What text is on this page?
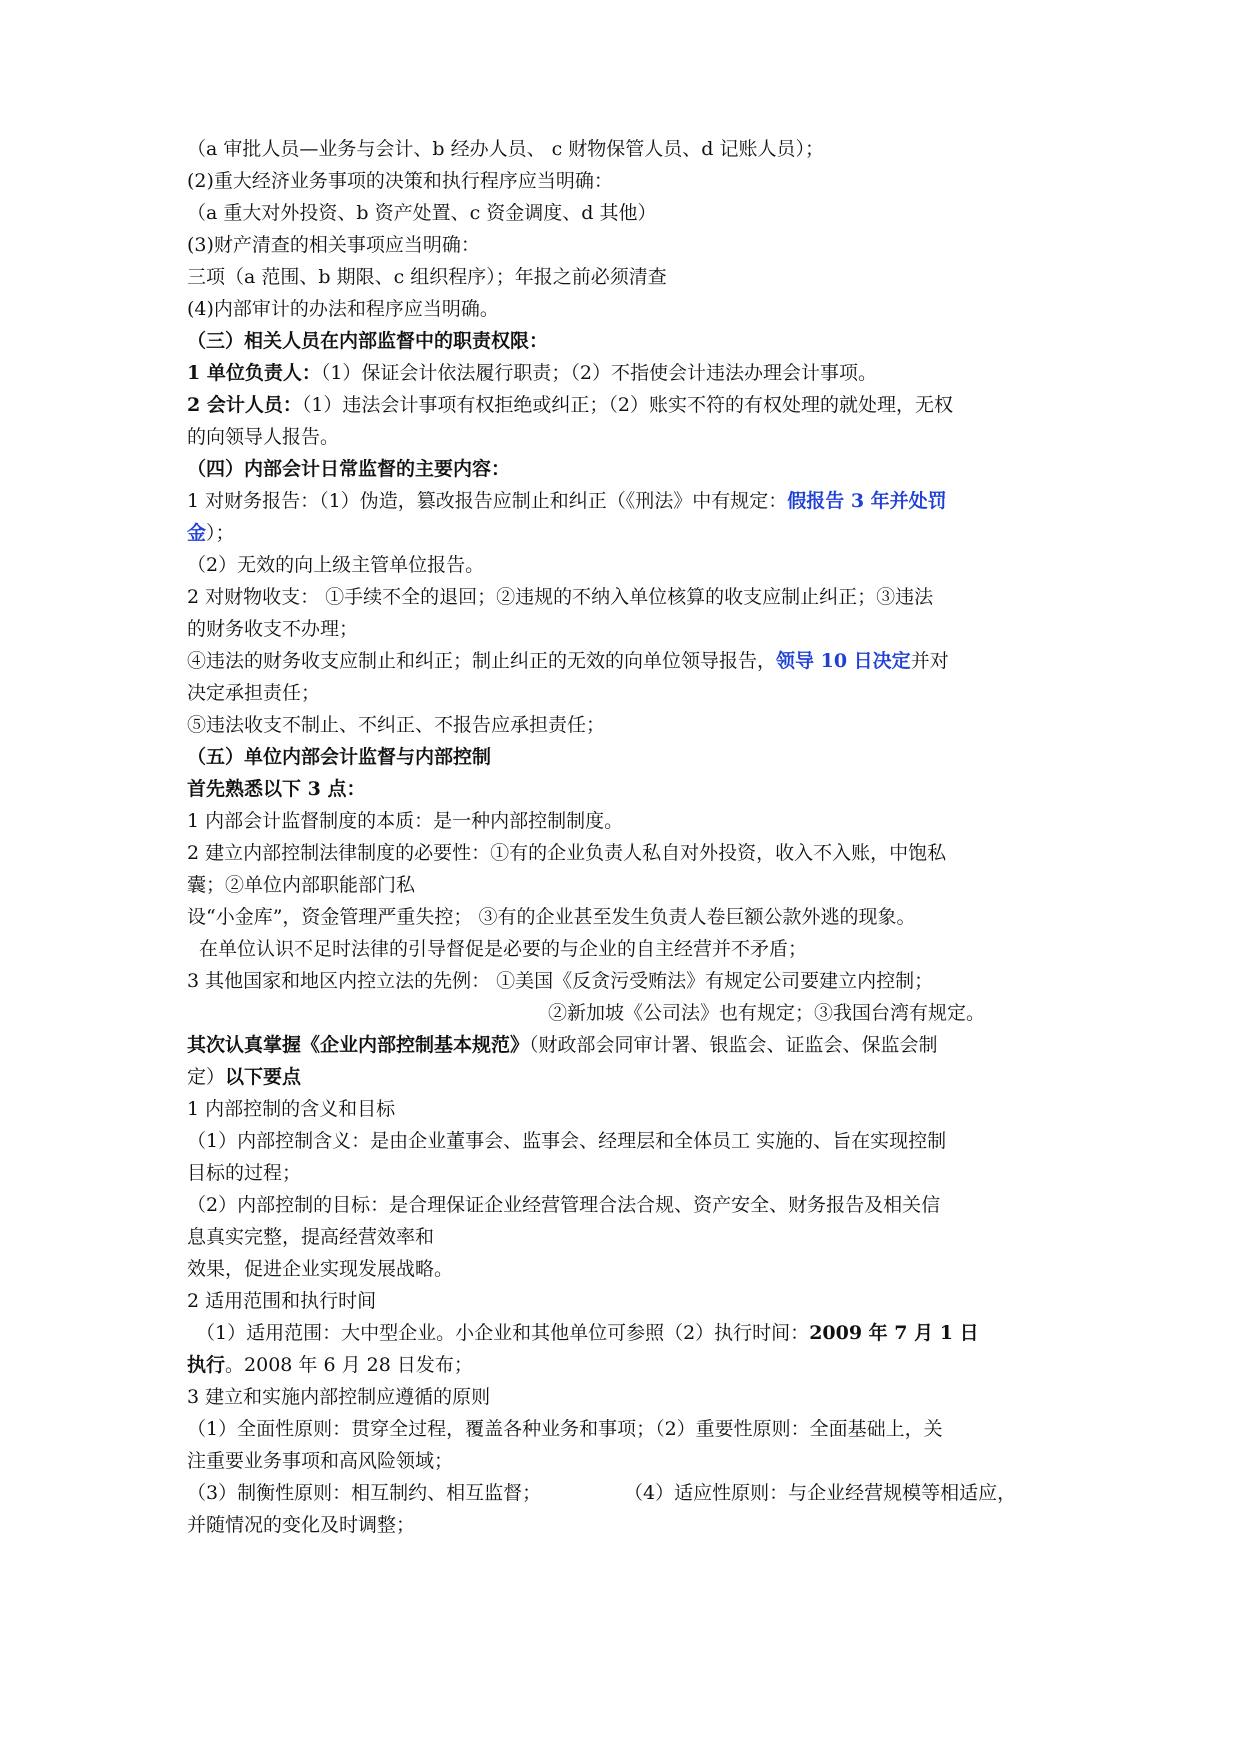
（a 审批人员—业务与会计、b 经办人员、 c 财物保管人员、d 记账人员）；
(2)重大经济业务事项的决策和执行程序应当明确：
（a 重大对外投资、b 资产处置、c 资金调度、d 其他）
(3)财产清查的相关事项应当明确：
三项（a 范围、b 期限、c 组织程序）；年报之前必须清查
(4)内部审计的办法和程序应当明确。
（三）相关人员在内部监督中的职责权限：
1 单位负责人：（1）保证会计依法履行职责；（2）不指使会计违法办理会计事项。
2 会计人员：（1）违法会计事项有权拒绝或纠正；（2）账实不符的有权处理的就处理，无权
的向领导人报告。
（四）内部会计日常监督的主要内容：
1 对财务报告：（1）伪造，篡改报告应制止和纠正（《刑法》中有规定：假报告 3 年并处罚
金）；
（2）无效的向上级主管单位报告。
2 对财物收支： ①手续不全的退回；②违规的不纳入单位核算的收支应制止纠正；③违法
的财务收支不办理；
④违法的财务收支应制止和纠正；制止纠正的无效的向单位领导报告，领导 10 日决定并对
决定承担责任；
⑤违法收支不制止、不纠正、不报告应承担责任；
（五）单位内部会计监督与内部控制
首先熟悉以下 3 点：
1 内部会计监督制度的本质：是一种内部控制制度。
2 建立内部控制法律制度的必要性：①有的企业负责人私自对外投资，收入不入账，中饱私
囊；②单位内部职能部门私
设“小金库”，资金管理严重失控； ③有的企业甚至发生负责人卷巨额公款外逃的现象。
在单位认识不足时法律的引导督促是必要的与企业的自主经营并不矛盾；
3 其他国家和地区内控立法的先例： ①美国《反贪污受贿法》有规定公司要建立内控制；
②新加坡《公司法》也有规定；③我国台湾有规定。
其次认真掌握《企业内部控制基本规范》（财政部会同审计署、银监会、证监会、保监会制
定）以下要点
1 内部控制的含义和目标
（1）内部控制含义：是由企业董事会、监事会、经理层和全体员工 实施的、旨在实现控制
目标的过程；
（2）内部控制的目标：是合理保证企业经营管理合法合规、资产安全、财务报告及相关信
息真实完整，提高经营效率和
效果，促进企业实现发展战略。
2 适用范围和执行时间
（1）适用范围：大中型企业。小企业和其他单位可参照（2）执行时间：2009 年 7 月 1 日
执行。2008 年 6 月 28 日发布；
3 建立和实施内部控制应遵循的原则
（1）全面性原则：贯穿全过程，覆盖各种业务和事项；（2）重要性原则：全面基础上，关
注重要业务事项和高风险领域；
（3）制衡性原则：相互制约、相互监督；	（4）适应性原则：与企业经营规模等相适应，
并随情况的变化及时调整；
